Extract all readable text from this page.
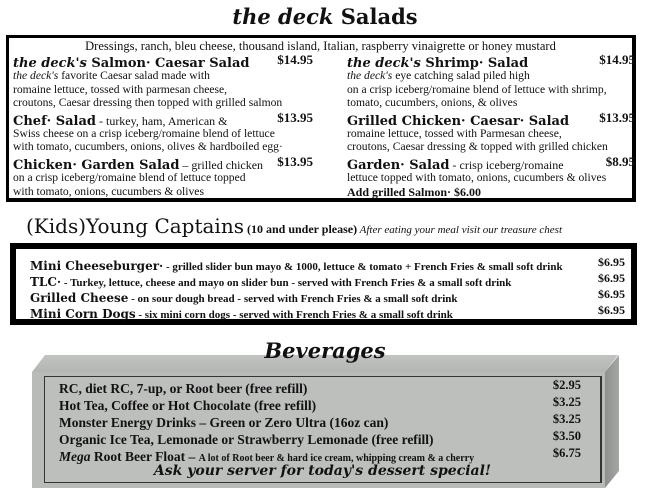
the deck Salads
Dressings, ranch, bleu cheese, thousand island, Italian, raspberry vinaigrette or honey mustard
the deck's Salmon· Caesar Salad $14.95
the deck's favorite Caesar salad made with
romaine lettuce, tossed with parmesan cheese,
croutons, Caesar dressing then topped with grilled salmon
Chef· Salad - turkey, ham, American &	$13.95
Swiss cheese on a crisp iceberg/romaine blend of lettuce
with tomato, cucumbers, onions, olives & hardboiled egg·
Chicken· Garden Salad – grilled chicken $13.95
on a crisp iceberg/romaine blend of lettuce topped
with tomato, onions, cucumbers & olives
the deck's Shrimp· Salad	$14.95
the deck's eye catching salad piled high
on a crisp iceberg/romaine blend of lettuce with shrimp,
tomato, cucumbers, onions, & olives
Grilled Chicken· Caesar· Salad $13.95
romaine lettuce, tossed with Parmesan cheese,
croutons, Caesar dressing & topped with grilled chicken
Garden· Salad - crisp iceberg/romaine	$8.95
lettuce topped with tomato, onions, cucumbers & olives
Add grilled Salmon· $6.00
(Kids)Young Captains (10 and under please) After eating your meal visit our treasure chest
Mini Cheeseburger· - grilled slider bun mayo & 1000, lettuce & tomato + French Fries & small soft drink	$6.95
TLC· - Turkey, lettuce, cheese and mayo on slider bun - served with French Fries & a small soft drink	$6.95
Grilled Cheese - on sour dough bread - served with French Fries & a small soft drink	$6.95
Mini Corn Dogs - six mini corn dogs - served with French Fries & a small soft drink	$6.95
Beverages
RC, diet RC, 7-up, or Root beer (free refill)	$2.95
Hot Tea, Coffee or Hot Chocolate (free refill)	$3.25
Monster Energy Drinks – Green or Zero Ultra (16oz can)	$3.25
Organic Ice Tea, Lemonade or Strawberry Lemonade (free refill)	$3.50
Mega Root Beer Float – A lot of Root beer & hard ice cream, whipping cream & a cherry	$6.75
Ask your server for today's dessert special!
